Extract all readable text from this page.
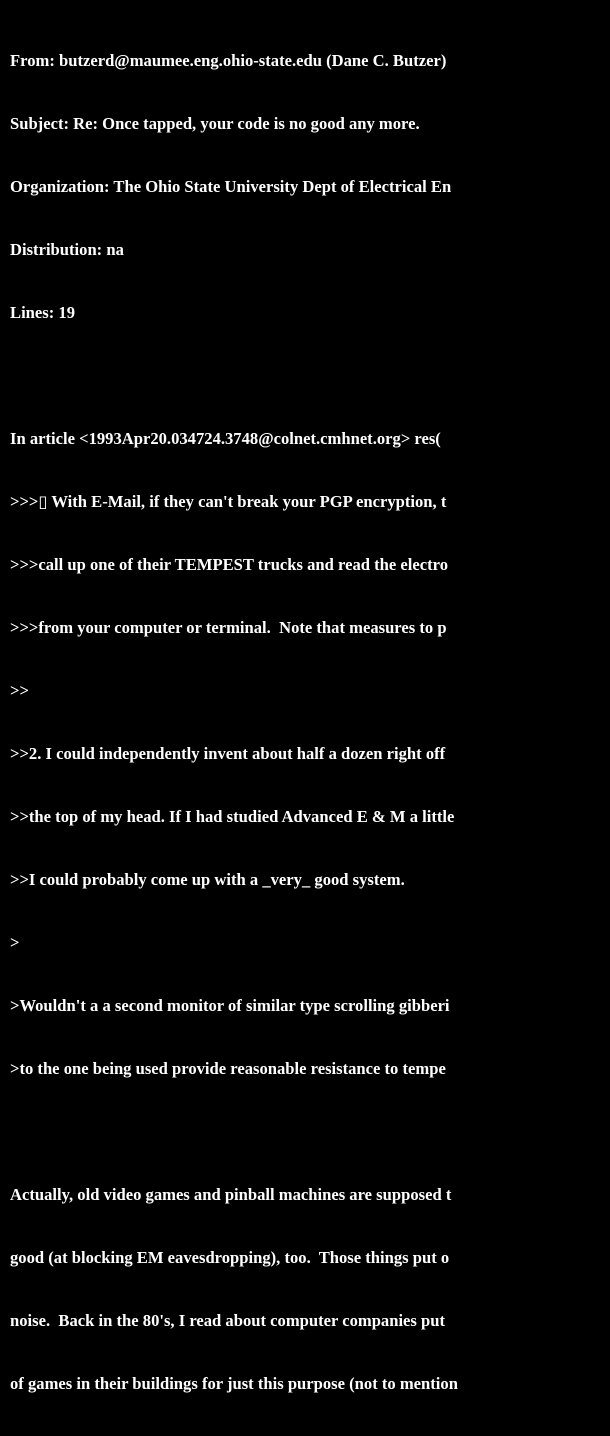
From: butzerd@maumee.eng.ohio-state.edu (Dane C. Butzer)

Subject: Re: Once tapped, your code is no good any more.

Organization: The Ohio State University Dept of Electrical En

Distribution: na

Lines: 19

In article <1993Apr20.034724.3748@colnet.cmhnet.org> res(

>>>▯ With E-Mail, if they can't break your PGP encryption, t

>>>call up one of their TEMPEST trucks and read the electro

>>>from your computer or terminal.  Note that measures to p

>>

>>2. I could independently invent about half a dozen right off

>>the top of my head. If I had studied Advanced E & M a little

>>I could probably come up with a _very_ good system.

>

>Wouldn't a a second monitor of similar type scrolling gibberi

>to the one being used provide reasonable resistance to tempe

Actually, old video games and pinball machines are supposed t

good (at blocking EM eavesdropping), too.  Those things put o

noise.  Back in the 80's, I read about computer companies put

of games in their buildings for just this purpose (not to mention
